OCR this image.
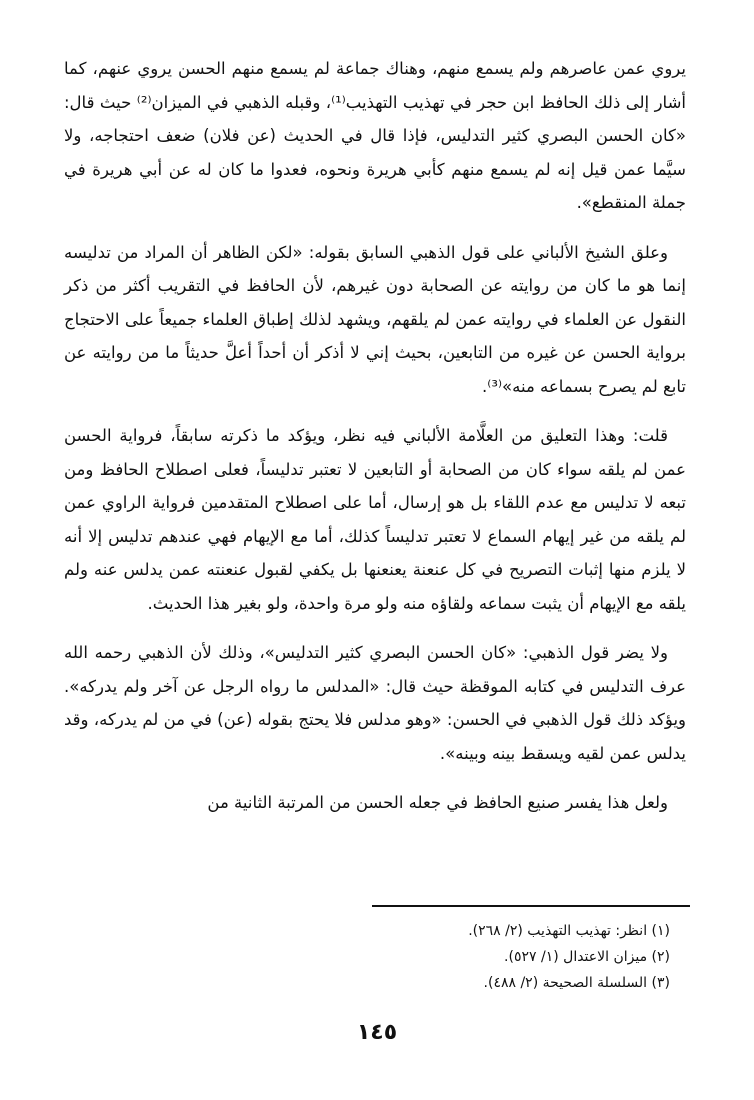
يروي عمن عاصرهم ولم يسمع منهم، وهناك جماعة لم يسمع منهم الحسن يروي عنهم، كما أشار إلى ذلك الحافظ ابن حجر في تهذيب التهذيب⁽¹⁾، وقبله الذهبي في الميزان⁽²⁾ حيث قال: «كان الحسن البصري كثير التدليس، فإذا قال في الحديث (عن فلان) ضعف احتجاجه، ولا سيَّما عمن قيل إنه لم يسمع منهم كأبي هريرة ونحوه، فعدوا ما كان له عن أبي هريرة في جملة المنقطع».

وعلق الشيخ الألباني على قول الذهبي السابق بقوله: «لكن الظاهر أن المراد من تدليسه إنما هو ما كان من روايته عن الصحابة دون غيرهم، لأن الحافظ في التقريب أكثر من ذكر النقول عن العلماء في روايته عمن لم يلقهم، ويشهد لذلك إطباق العلماء جميعاً على الاحتجاج برواية الحسن عن غيره من التابعين، بحيث إني لا أذكر أن أحداً أعلَّ حديثاً ما من روايته عن تابع لم يصرح بسماعه منه»⁽³⁾.

قلت: وهذا التعليق من العلَّامة الألباني فيه نظر، ويؤكد ما ذكرته سابقاً، فرواية الحسن عمن لم يلقه سواء كان من الصحابة أو التابعين لا تعتبر تدليساً، فعلى اصطلاح الحافظ ومن تبعه لا تدليس مع عدم اللقاء بل هو إرسال، أما على اصطلاح المتقدمين فرواية الراوي عمن لم يلقه من غير إيهام السماع لا تعتبر تدليساً كذلك، أما مع الإيهام فهي عندهم تدليس إلا أنه لا يلزم منها إثبات التصريح في كل عنعنة يعنعنها بل يكفي لقبول عنعنته عمن يدلس عنه ولم يلقه مع الإيهام أن يثبت سماعه ولقاؤه منه ولو مرة واحدة، ولو بغير هذا الحديث.

ولا يضر قول الذهبي: «كان الحسن البصري كثير التدليس»، وذلك لأن الذهبي رحمه الله عرف التدليس في كتابه الموقظة حيث قال: «المدلس ما رواه الرجل عن آخر ولم يدركه». ويؤكد ذلك قول الذهبي في الحسن: «وهو مدلس فلا يحتج بقوله (عن) في من لم يدركه، وقد يدلس عمن لقيه ويسقط بينه وبينه».

ولعل هذا يفسر صنيع الحافظ في جعله الحسن من المرتبة الثانية من

(١) انظر: تهذيب التهذيب (٢/ ٢٦٨).

(٢) ميزان الاعتدال (١/ ٥٢٧).

(٣) السلسلة الصحيحة (٢/ ٤٨٨).

١٤٥
